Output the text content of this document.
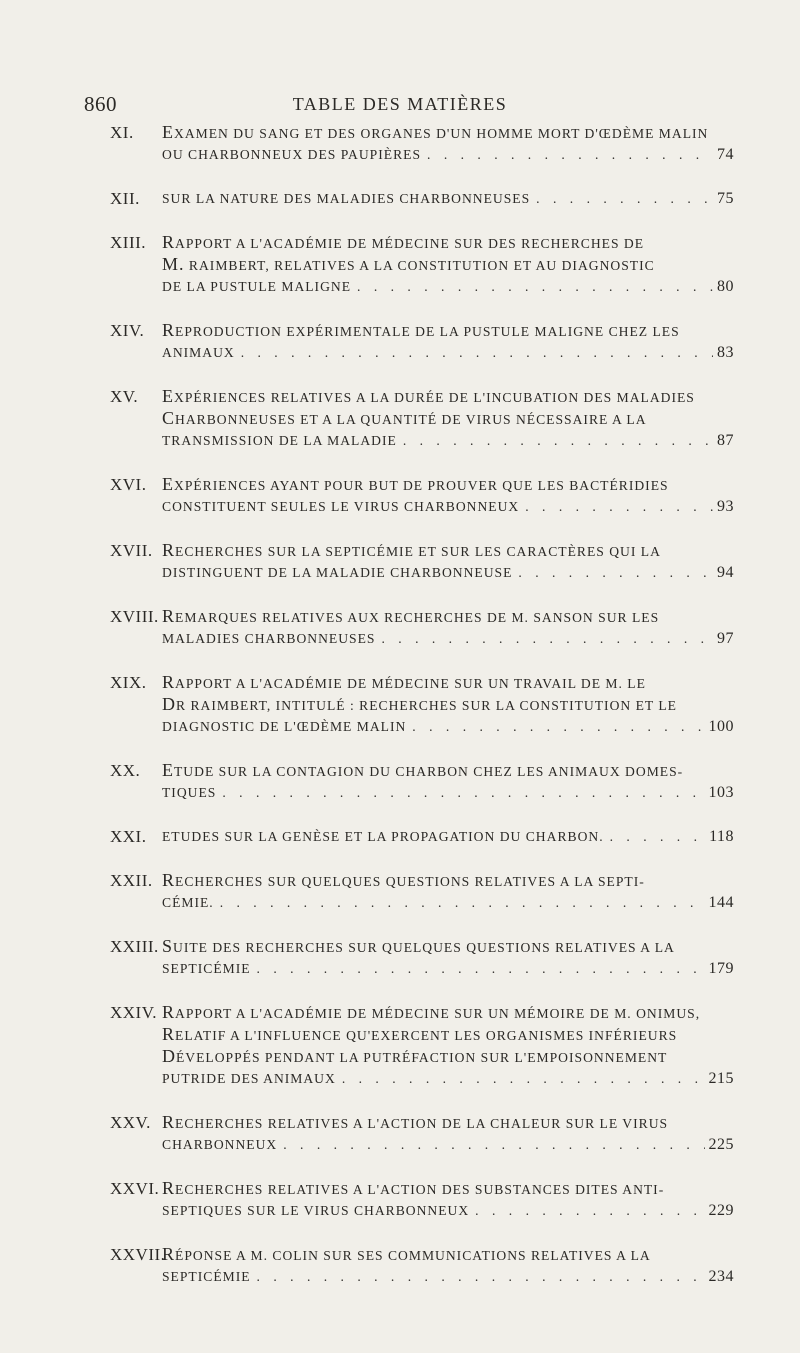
860	TABLE DES MATIÈRES
XI. EXAMEN DU SANG ET DES ORGANES D'UN HOMME MORT D'ŒDÈME MALIN
OU CHARBONNEUX DES PAUPIÈRES . . .	74
XII. SUR LA NATURE DES MALADIES CHARBONNEUSES . . .	75
XIII. RAPPORT A L'ACADÉMIE DE MÉDECINE SUR DES RECHERCHES DE
M. RAIMBERT, RELATIVES A LA CONSTITUTION ET AU DIAGNOSTIC
DE LA PUSTULE MALIGNE . . .	80
XIV. REPRODUCTION EXPÉRIMENTALE DE LA PUSTULE MALIGNE CHEZ LES
ANIMAUX . . .	83
XV. EXPÉRIENCES RELATIVES A LA DURÉE DE L'INCUBATION DES MALADIES
CHARBONNEUSES ET A LA QUANTITÉ DE VIRUS NÉCESSAIRE A LA
TRANSMISSION DE LA MALADIE . . .	87
XVI. EXPÉRIENCES AYANT POUR BUT DE PROUVER QUE LES BACTÉRIDIES
CONSTITUENT SEULES LE VIRUS CHARBONNEUX . . .	93
XVII. RECHERCHES SUR LA SEPTICÉMIE ET SUR LES CARACTÈRES QUI LA
DISTINGUENT DE LA MALADIE CHARBONNEUSE . . .	94
XVIII. REMARQUES RELATIVES AUX RECHERCHES DE M. SANSON SUR LES
MALADIES CHARBONNEUSES . . .	97
XIX. RAPPORT A L'ACADÉMIE DE MÉDECINE SUR UN TRAVAIL DE M. LE
DR RAIMBERT, INTITULÉ : RECHERCHES SUR LA CONSTITUTION ET LE
DIAGNOSTIC DE L'ŒDÈME MALIN . . .	100
XX. ETUDE SUR LA CONTAGION DU CHARBON CHEZ LES ANIMAUX DOMES-
TIQUES . . .	103
XXI. ETUDES SUR LA GENÈSE ET LA PROPAGATION DU CHARBON. . . .	118
XXII. RECHERCHES SUR QUELQUES QUESTIONS RELATIVES A LA SEPTI-
CÉMIE. . . .	144
XXIII. SUITE DES RECHERCHES SUR QUELQUES QUESTIONS RELATIVES A LA
SEPTICÉMIE . . .	179
XXIV. RAPPORT A L'ACADÉMIE DE MÉDECINE SUR UN MÉMOIRE DE M. ONIMUS,
RELATIF A L'INFLUENCE QU'EXERCENT LES ORGANISMES INFÉRIEURS
DÉVELOPPÉS PENDANT LA PUTRÉFACTION SUR L'EMPOISONNEMENT
PUTRIDE DES ANIMAUX . . .	215
XXV. RECHERCHES RELATIVES A L'ACTION DE LA CHALEUR SUR LE VIRUS
CHARBONNEUX . . .	225
XXVI. RECHERCHES RELATIVES A L'ACTION DES SUBSTANCES DITES ANTI-
SEPTIQUES SUR LE VIRUS CHARBONNEUX . . .	229
XXVII.
RÉPONSE A M. COLIN SUR SES COMMUNICATIONS RELATIVES A LA
SEPTICÉMIE . . .	234
